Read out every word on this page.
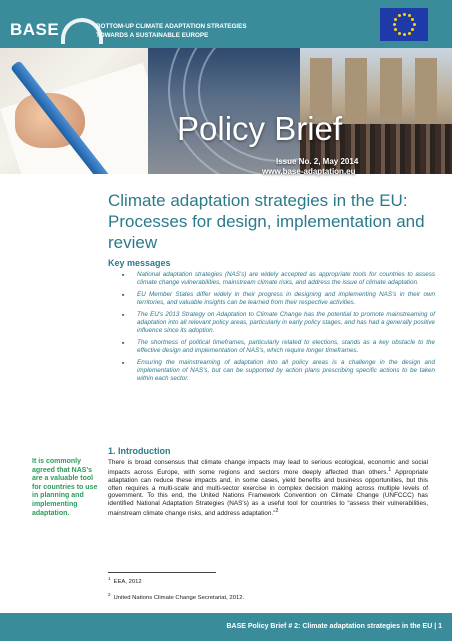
BASE	BOTTOM-UP CLIMATE ADAPTATION STRATEGIES
TOWARDS A SUSTAINABLE EUROPE
Policy Brief
Issue No. 2, May 2014
www.base-adaptation.eu
Climate adaptation strategies in the EU: Processes for design, implementation and review
Key messages
■ National adaptation strategies (NAS's) are widely accepted as appropriate tools for countries to assess climate change vulnerabilities, mainstream climate risks, and address the issue of climate adaptation.
■ EU Member States differ widely in their progress in designing and implementing NAS's in their own territories, and valuable insights can be learned from their respective activities.
■ The EU's 2013 Strategy on Adaptation to Climate Change has the potential to promote mainstreaming of adaptation into all relevant policy areas, particularly in early policy stages, and has had a generally positive influence since its adoption.
■ The shortness of political timeframes, particularly related to elections, stands as a key obstacle to the effective design and implementation of NAS's, which require longer timeframes.
■ Ensuring the mainstreaming of adaptation into all policy areas is a challenge in the design and implementation of NAS's, but can be supported by action plans prescribing specific actions to be taken within each sector.
1. Introduction
It is commonly agreed that NAS's are a valuable tool for countries to use in planning and implementing adaptation.

There is broad consensus that climate change impacts may lead to serious ecological, economic and social impacts across Europe, with some regions and sectors more deeply affected than others.$^1$ Appropriate adaptation can reduce these impacts and, in some cases, yield benefits and business opportunities, but this often requires a multi-scale and multi-sector exercise in complex decision making across multiple levels of government. To this end, the United Nations Framework Convention on Climate Change (UNFCCC) has identified National Adaptation Strategies (NAS's) as a useful tool for countries to “assess their vulnerabilities, mainstream climate change risks, and address adaptation.”$^2$

$^1$EEA, 2012
$^2$United Nations Climate Change Secretariat, 2012.
BASE Policy Brief # 2: Climate adaptation strategies in the EU | 1
